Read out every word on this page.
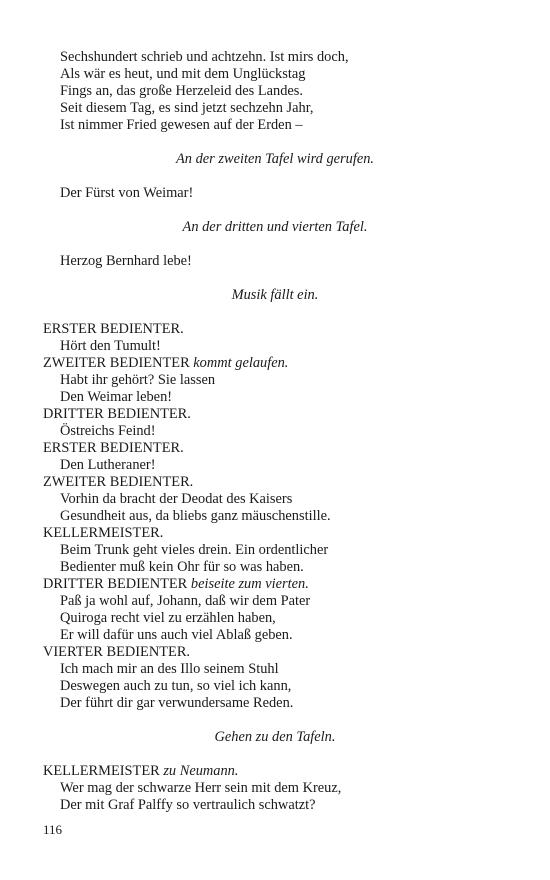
Sechshundert schrieb und achtzehn. Ist mirs doch,
Als wär es heut, und mit dem Unglückstag
Fings an, das große Herzeleid des Landes.
Seit diesem Tag, es sind jetzt sechzehn Jahr,
Ist nimmer Fried gewesen auf der Erden –
An der zweiten Tafel wird gerufen.
Der Fürst von Weimar!
An der dritten und vierten Tafel.
Herzog Bernhard lebe!
Musik fällt ein.
ERSTER BEDIENTER.
Hört den Tumult!
ZWEITER BEDIENTER kommt gelaufen.
Habt ihr gehört? Sie lassen
Den Weimar leben!
DRITTER BEDIENTER.
Östreichs Feind!
ERSTER BEDIENTER.
Den Lutheraner!
ZWEITER BEDIENTER.
Vorhin da bracht der Deodat des Kaisers
Gesundheit aus, da bliebs ganz mäuschenstille.
KELLERMEISTER.
Beim Trunk geht vieles drein. Ein ordentlicher
Bedienter muß kein Ohr für so was haben.
DRITTER BEDIENTER beiseite zum vierten.
Paß ja wohl auf, Johann, daß wir dem Pater
Quiroga recht viel zu erzählen haben,
Er will dafür uns auch viel Ablaß geben.
VIERTER BEDIENTER.
Ich mach mir an des Illo seinem Stuhl
Deswegen auch zu tun, so viel ich kann,
Der führt dir gar verwundersame Reden.
Gehen zu den Tafeln.
KELLERMEISTER zu Neumann.
Wer mag der schwarze Herr sein mit dem Kreuz,
Der mit Graf Palffy so vertraulich schwatzt?
116
